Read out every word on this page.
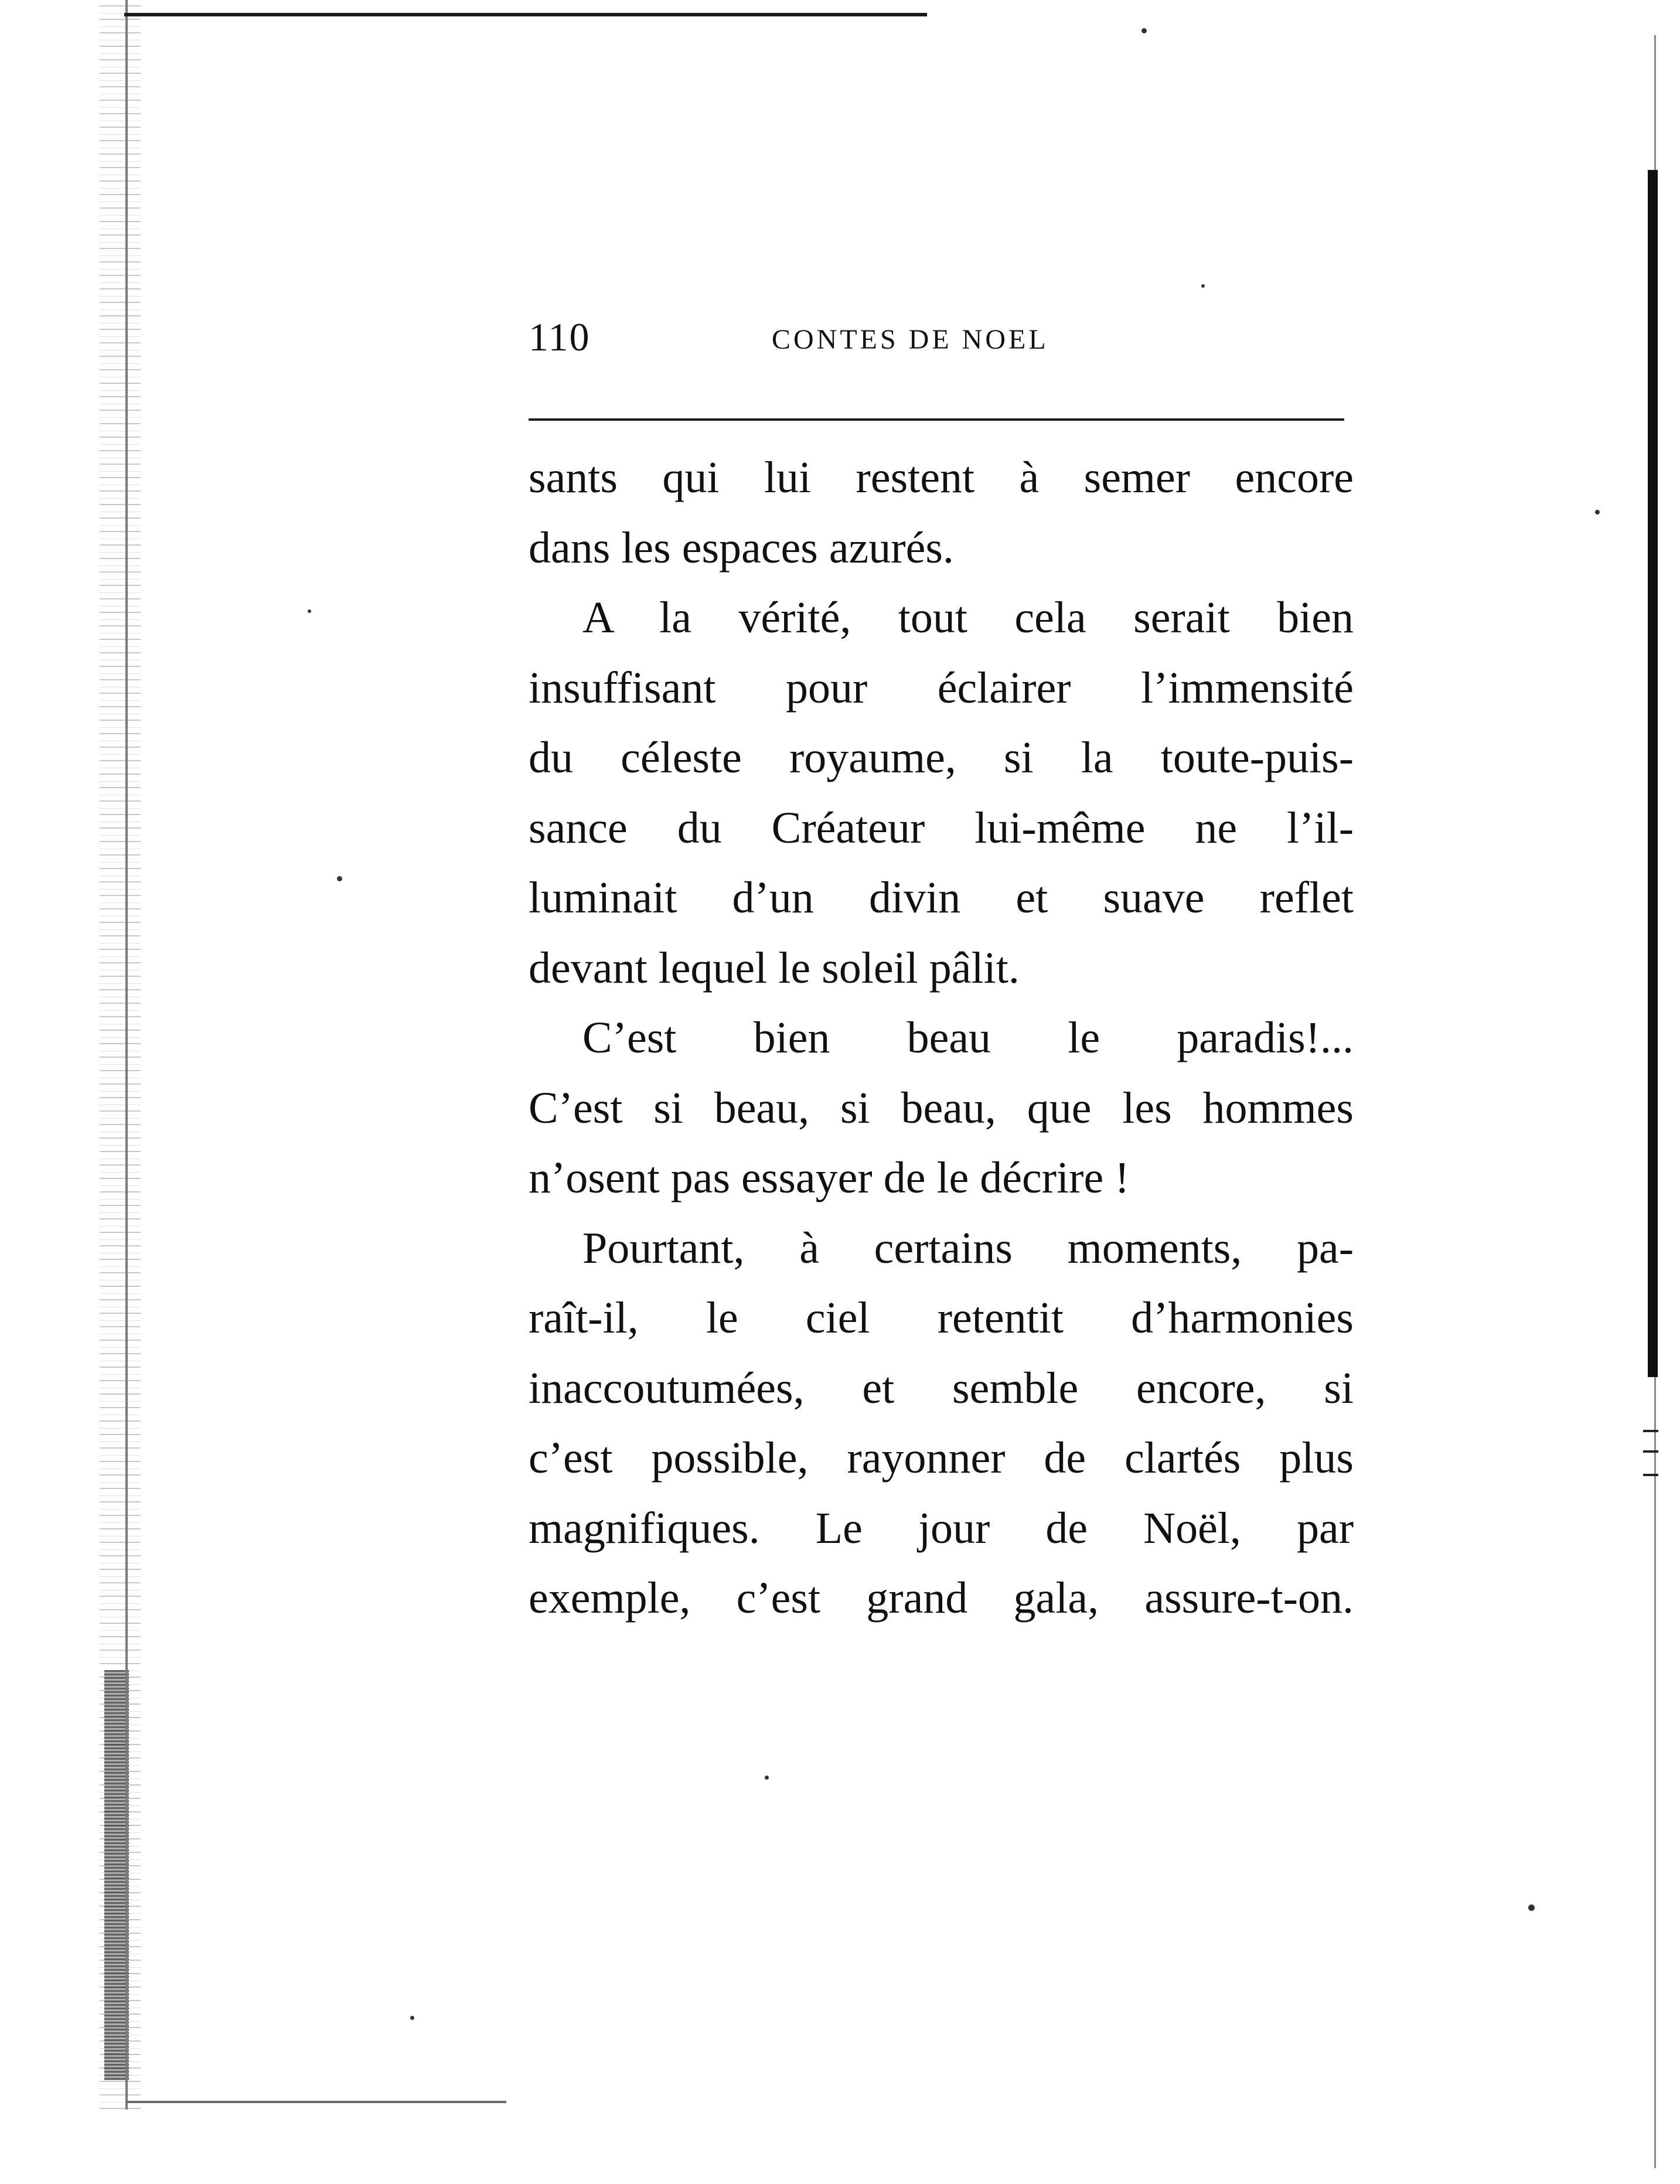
110	CONTES DE NOEL

sants qui lui restent à semer encore
dans les espaces azurés.

A la vérité, tout cela serait bien
insuffisant pour éclairer l’immensité
du céleste royaume, si la toute-puis-
sance du Créateur lui-même ne l’il-
luminait d’un divin et suave reflet
devant lequel le soleil pâlit.

C’est bien beau le paradis!...
C’est si beau, si beau, que les hommes
n’osent pas essayer de le décrire !

Pourtant, à certains moments, pa-
raît-il, le ciel retentit d’harmonies
inaccoutumées, et semble encore, si
c’est possible, rayonner de clartés plus
magnifiques. Le jour de Noël, par
exemple, c’est grand gala, assure-t-on.
